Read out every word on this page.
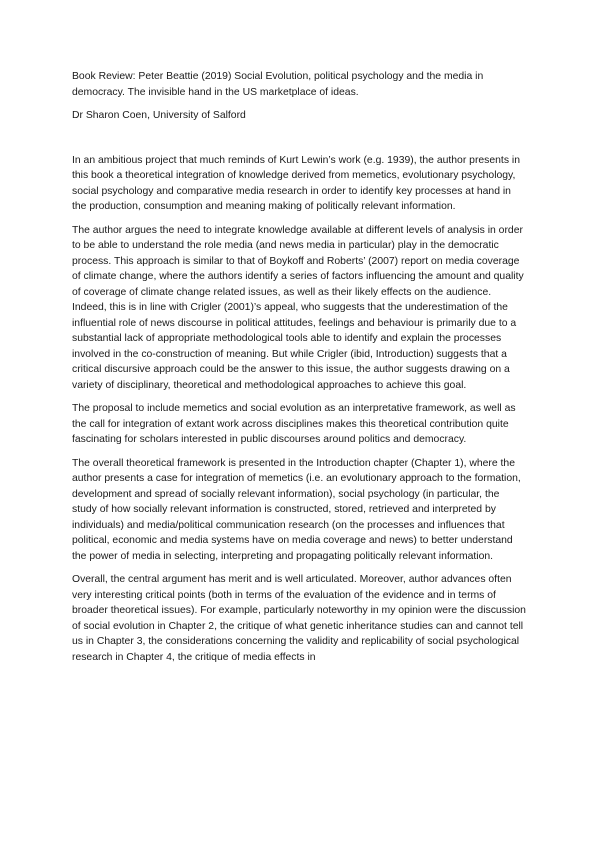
Book Review: Peter Beattie (2019) Social Evolution, political psychology and the media in democracy. The invisible hand in the US marketplace of ideas.

Dr Sharon Coen, University of Salford

In an ambitious project that much reminds of Kurt Lewin’s work (e.g. 1939), the author presents in this book a theoretical integration of knowledge derived from memetics, evolutionary psychology, social psychology and comparative media research in order to identify key processes at hand in the production, consumption and meaning making of politically relevant information.

The author argues the need to integrate knowledge available at different levels of analysis in order to be able to understand the role media (and news media in particular) play in the democratic process. This approach is similar to that of Boykoff and Roberts’ (2007) report on media coverage of climate change, where the authors identify a series of factors influencing the amount and quality of coverage of climate change related issues, as well as their likely effects on the audience. Indeed, this is in line with Crigler (2001)’s appeal, who suggests that the underestimation of the influential role of news discourse in political attitudes, feelings and behaviour is primarily due to a substantial lack of appropriate methodological tools able to identify and explain the processes involved in the co-construction of meaning. But while Crigler (ibid, Introduction) suggests that a critical discursive approach could be the answer to this issue, the author suggests drawing on a variety of disciplinary, theoretical and methodological approaches to achieve this goal.

The proposal to include memetics and social evolution as an interpretative framework, as well as the call for integration of extant work across disciplines makes this theoretical contribution quite fascinating for scholars interested in public discourses around politics and democracy.

The overall theoretical framework is presented in the Introduction chapter (Chapter 1), where the author presents a case for integration of memetics (i.e. an evolutionary approach to the formation, development and spread of socially relevant information), social psychology (in particular, the study of how socially relevant information is constructed, stored, retrieved and interpreted by individuals) and media/political communication research (on the processes and influences that political, economic and media systems have on media coverage and news) to better understand the power of media in selecting, interpreting and propagating politically relevant information.

Overall, the central argument has merit and is well articulated. Moreover, author advances often very interesting critical points (both in terms of the evaluation of the evidence and in terms of broader theoretical issues). For example, particularly noteworthy in my opinion were the discussion of social evolution in Chapter 2, the critique of what genetic inheritance studies can and cannot tell us in Chapter 3, the considerations concerning the validity and replicability of social psychological research in Chapter 4, the critique of media effects in
